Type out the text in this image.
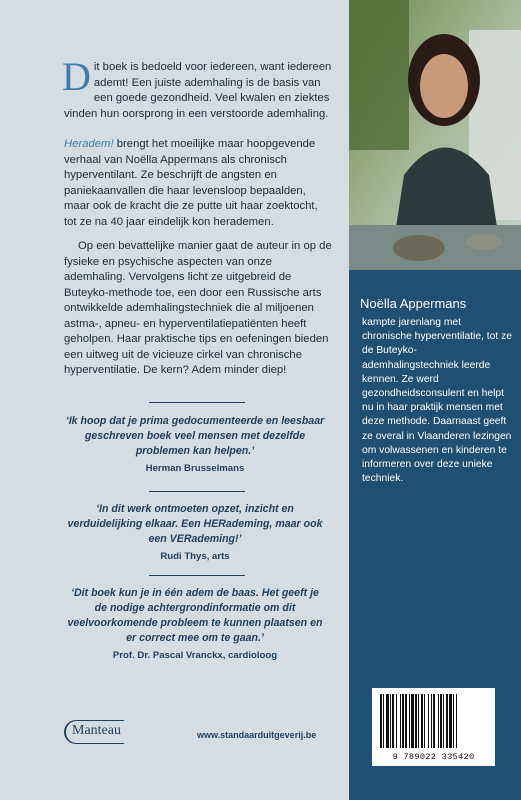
Dit boek is bedoeld voor iedereen, want iedereen ademt! Een juiste ademhaling is de basis van een goede gezondheid. Veel kwalen en ziektes vinden hun oorsprong in een verstoorde ademhaling.

Heradem! brengt het moeilijke maar hoopgevende verhaal van Noëlla Appermans als chronisch hyperventilant. Ze beschrijft de angsten en paniekaanvallen die haar levensloop bepaalden, maar ook de kracht die ze putte uit haar zoektocht, tot ze na 40 jaar eindelijk kon herademen.

Op een bevattelijke manier gaat de auteur in op de fysieke en psychische aspecten van onze ademhaling. Vervolgens licht ze uitgebreid de Buteyko-methode toe, een door een Russische arts ontwikkelde ademhalingstechniek die al miljoenen astma-, apneu- en hyperventilatiepatiënten heeft geholpen. Haar praktische tips en oefeningen bieden een uitweg uit de vicieuze cirkel van chronische hyperventilatie. De kern? Adem minder diep!

‘Ik hoop dat je prima gedocumenteerde en leesbaar geschreven boek veel mensen met dezelfde problemen kan helpen.’

Herman Brusselmans

‘In dit werk ontmoeten opzet, inzicht en verduidelijking elkaar. Een HERademing, maar ook een VERademing!’

Rudi Thys, arts

‘Dit boek kun je in één adem de baas. Het geeft je de nodige achtergrondinformatie om dit veelvoorkomende probleem te kunnen plaatsen en er correct mee om te gaan.’

Prof. Dr. Pascal Vranckx, cardioloog
Noëlla Appermans

kampte jarenlang met chronische hyperventilatie, tot ze de Buteyko-ademhalingstechniek leerde kennen. Ze werd gezondheidsconsulent en helpt nu in haar praktijk mensen met deze methode. Daarnaast geeft ze overal in Vlaanderen lezingen om volwassenen en kinderen te informeren over deze unieke techniek.

Manteau	www.standaarduitgeverij.be
9 789022 335420
